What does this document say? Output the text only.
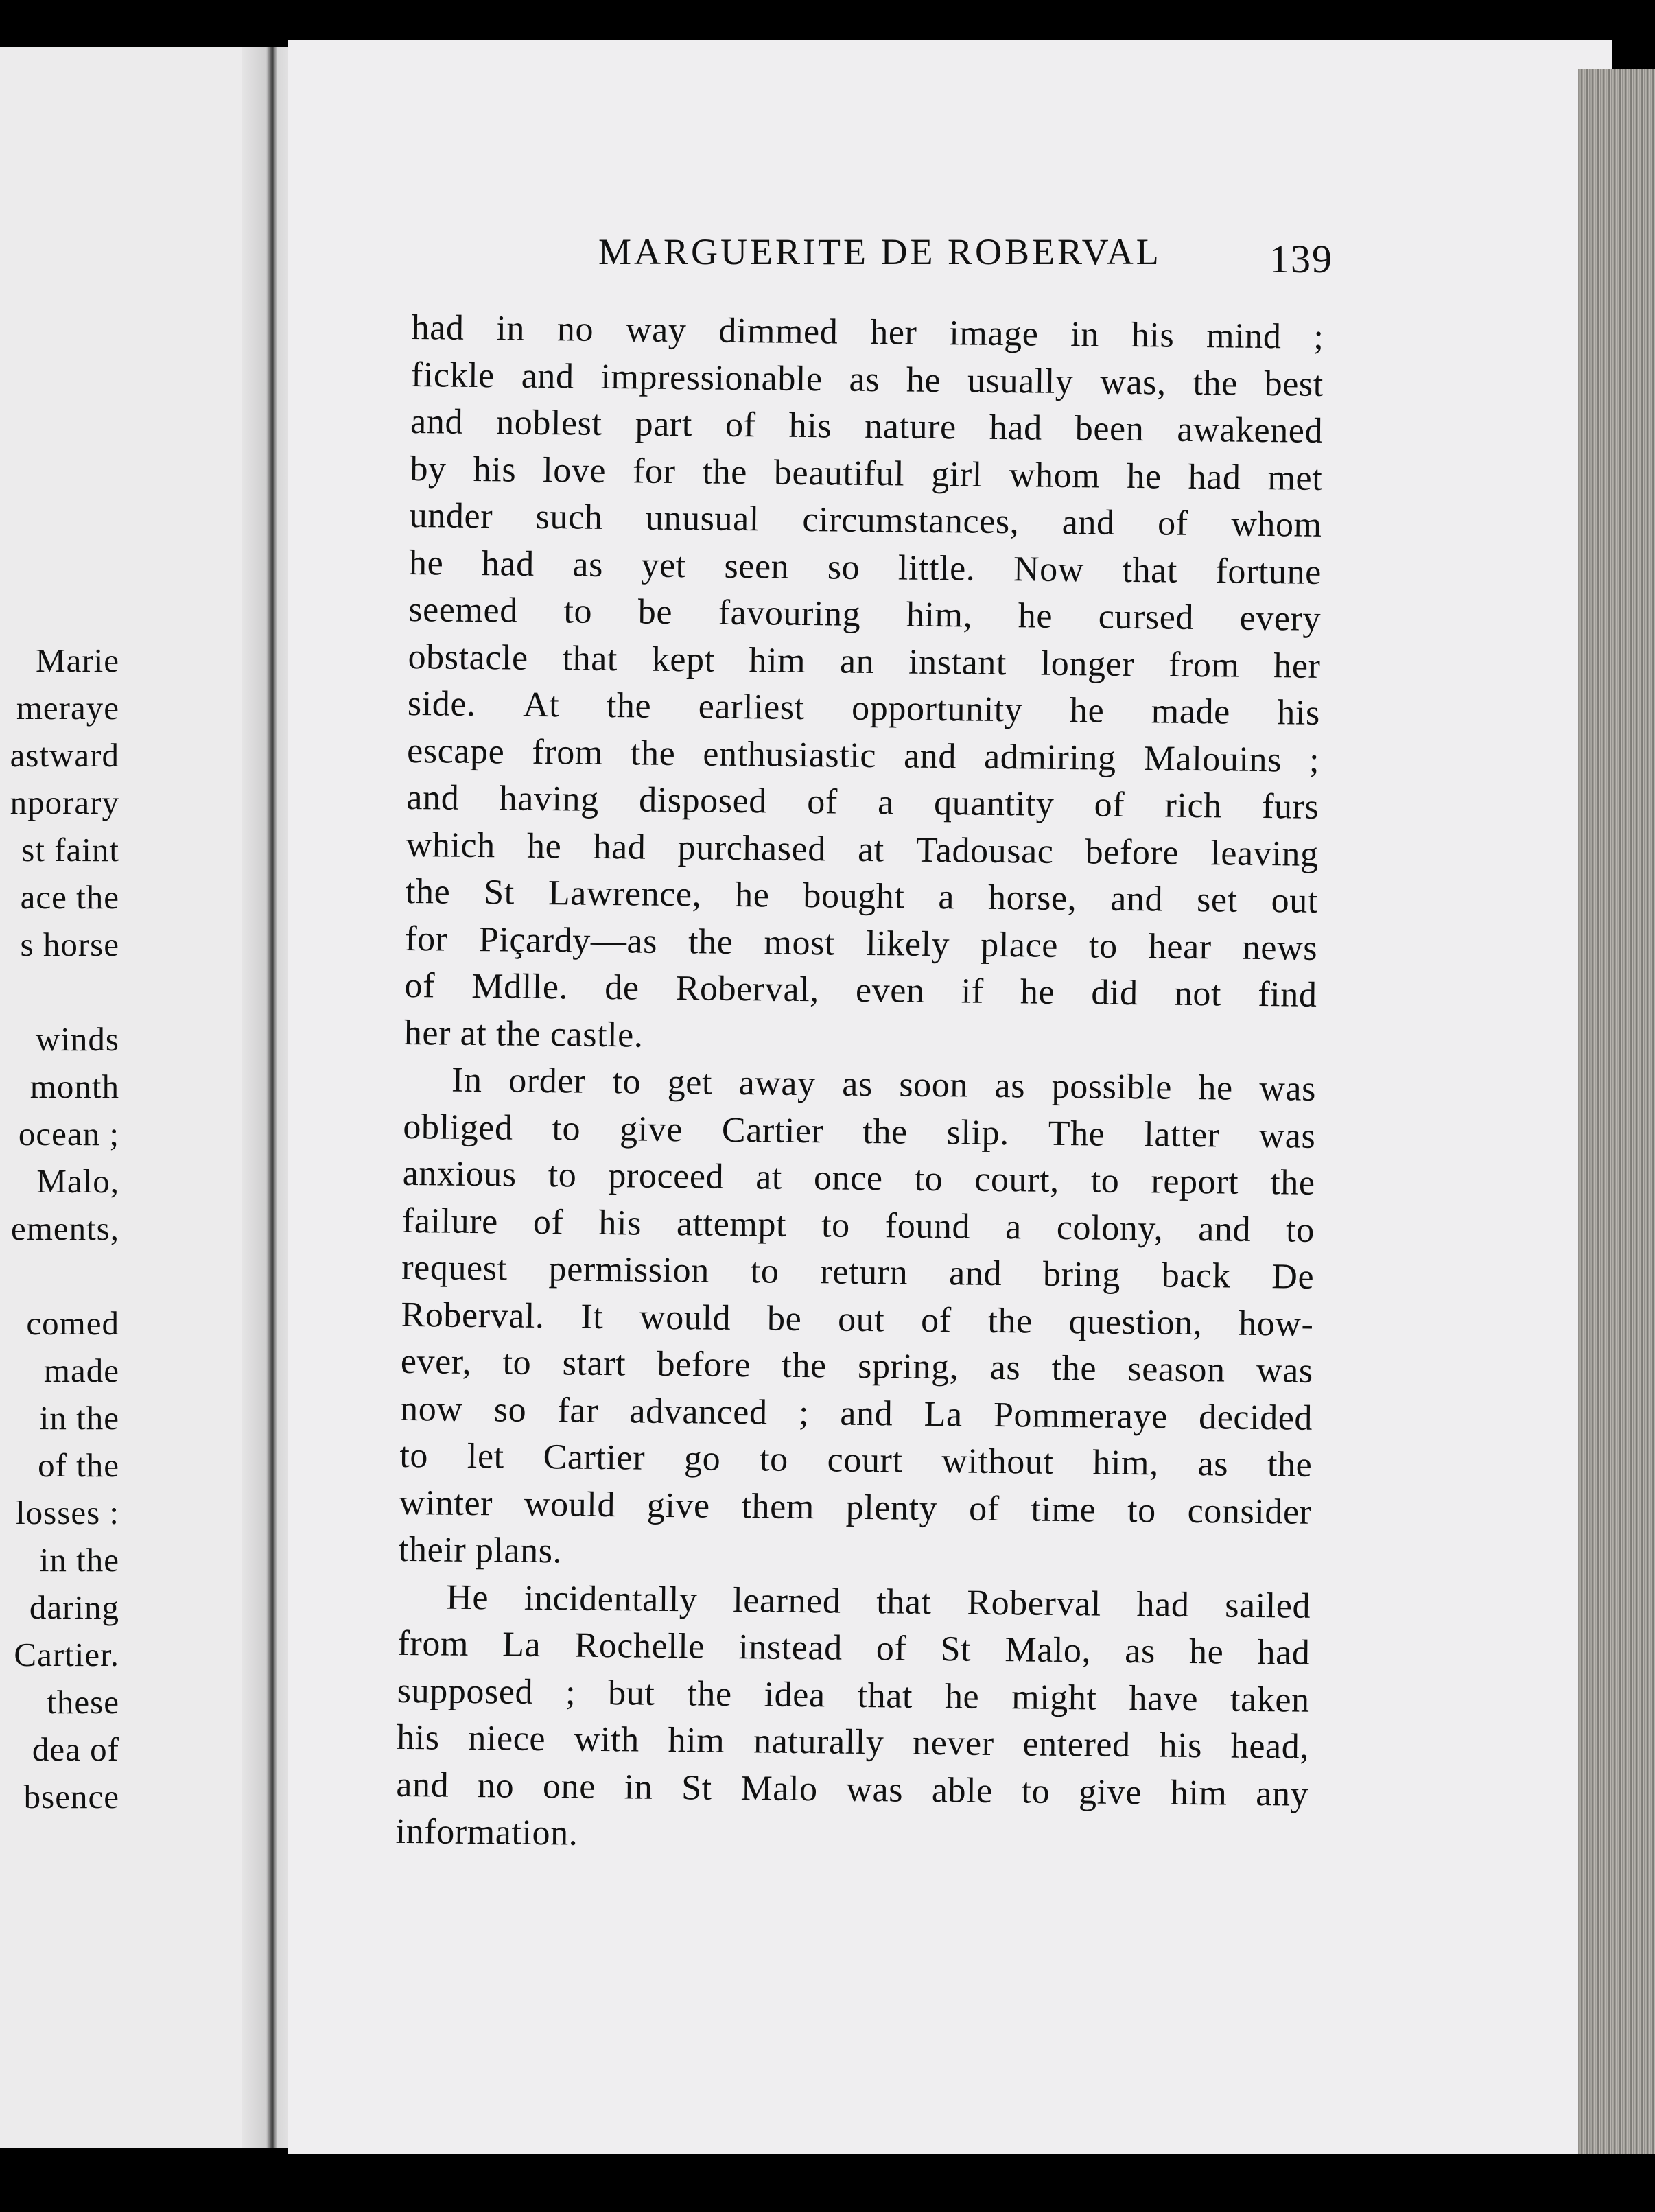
Marie
meraye
astward
nporary
st faint
ace the
s horse
winds
month
ocean ;
Malo,
ements,
comed
made
in the
of the
losses :
in the
daring
Cartier.
these
dea of
bsence
MARGUERITE DE ROBERVAL	139
had in no way dimmed her image in his mind ;
fickle and impressionable as he usually was, the best
and noblest part of his nature had been awakened
by his love for the beautiful girl whom he had met
under such unusual circumstances, and of whom
he had as yet seen so little. Now that fortune
seemed to be favouring him, he cursed every
obstacle that kept him an instant longer from her
side. At the earliest opportunity he made his
escape from the enthusiastic and admiring Malouins ;
and having disposed of a quantity of rich furs
which he had purchased at Tadousac before leaving
the St Lawrence, he bought a horse, and set out
for Piçardy—as the most likely place to hear news
of Mdlle. de Roberval, even if he did not find
her at the castle.
In order to get away as soon as possible he was
obliged to give Cartier the slip. The latter was
anxious to proceed at once to court, to report the
failure of his attempt to found a colony, and to
request permission to return and bring back De
Roberval. It would be out of the question, how-
ever, to start before the spring, as the season was
now so far advanced ; and La Pommeraye decided
to let Cartier go to court without him, as the
winter would give them plenty of time to consider
their plans.
He incidentally learned that Roberval had sailed
from La Rochelle instead of St Malo, as he had
supposed ; but the idea that he might have taken
his niece with him naturally never entered his head,
and no one in St Malo was able to give him any
information.
